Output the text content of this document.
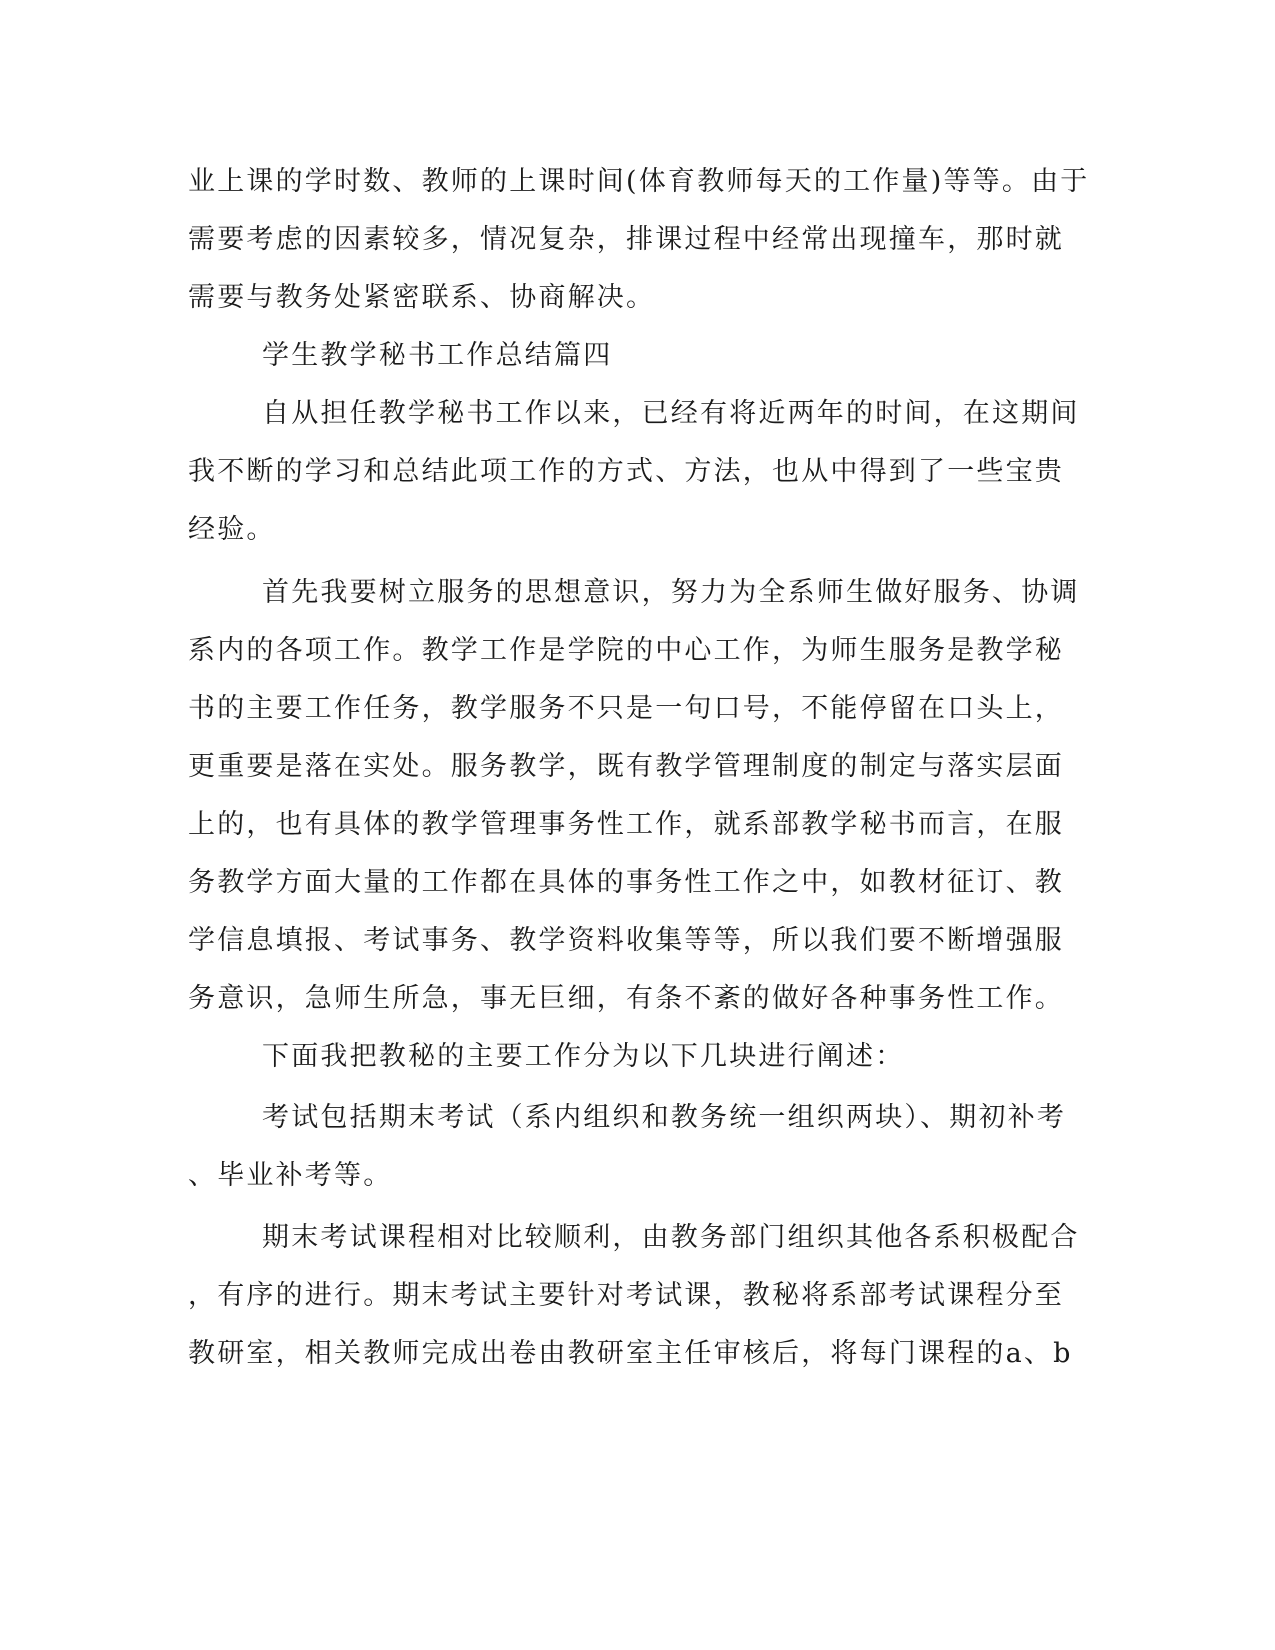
业上课的学时数、教师的上课时间(体育教师每天的工作量)等等。由于
需要考虑的因素较多，情况复杂，排课过程中经常出现撞车，那时就
需要与教务处紧密联系、协商解决。
学生教学秘书工作总结篇四
自从担任教学秘书工作以来，已经有将近两年的时间，在这期间
我不断的学习和总结此项工作的方式、方法，也从中得到了一些宝贵
经验。
首先我要树立服务的思想意识，努力为全系师生做好服务、协调
系内的各项工作。教学工作是学院的中心工作，为师生服务是教学秘
书的主要工作任务，教学服务不只是一句口号，不能停留在口头上，
更重要是落在实处。服务教学，既有教学管理制度的制定与落实层面
上的，也有具体的教学管理事务性工作，就系部教学秘书而言，在服
务教学方面大量的工作都在具体的事务性工作之中，如教材征订、教
学信息填报、考试事务、教学资料收集等等，所以我们要不断增强服
务意识，急师生所急，事无巨细，有条不紊的做好各种事务性工作。
下面我把教秘的主要工作分为以下几块进行阐述：
考试包括期末考试（系内组织和教务统一组织两块）、期初补考
、毕业补考等。
期末考试课程相对比较顺利，由教务部门组织其他各系积极配合
，有序的进行。期末考试主要针对考试课，教秘将系部考试课程分至
教研室，相关教师完成出卷由教研室主任审核后，将每门课程的a、b
